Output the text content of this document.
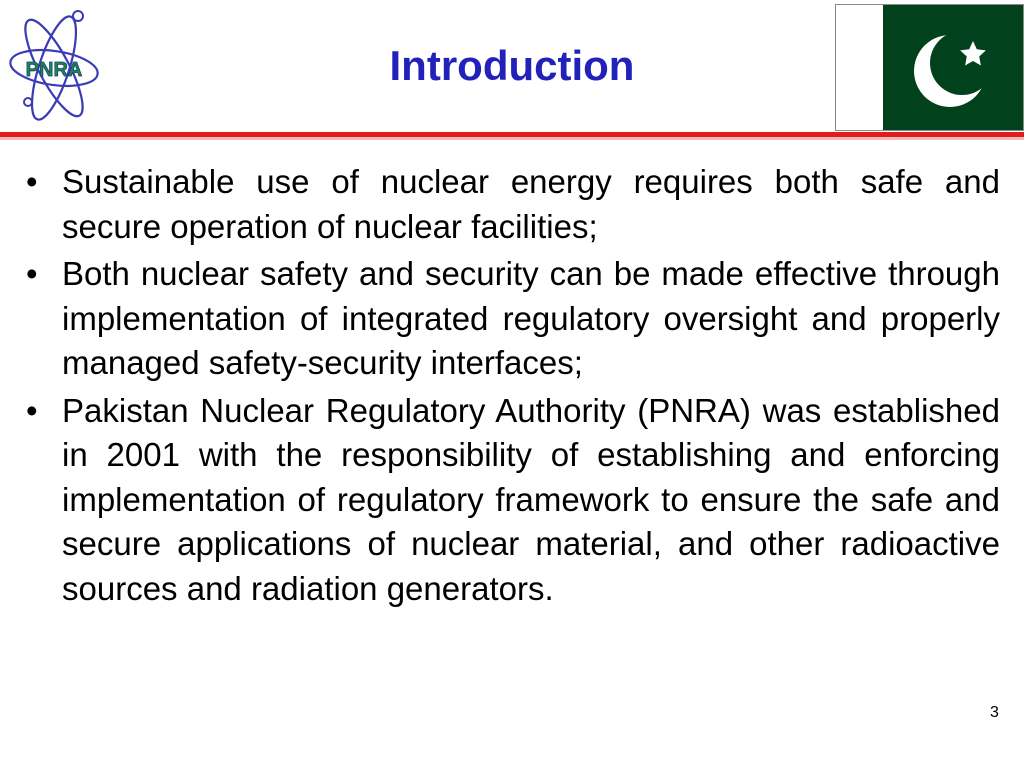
PNRA	Introduction
• Sustainable use of nuclear energy requires both safe and secure operation of nuclear facilities;
• Both nuclear safety and security can be made effective through implementation of integrated regulatory oversight and properly managed safety-security interfaces;
• Pakistan Nuclear Regulatory Authority (PNRA) was established in 2001 with the responsibility of establishing and enforcing implementation of regulatory framework to ensure the safe and secure applications of nuclear material, and other radioactive sources and radiation generators.
3
